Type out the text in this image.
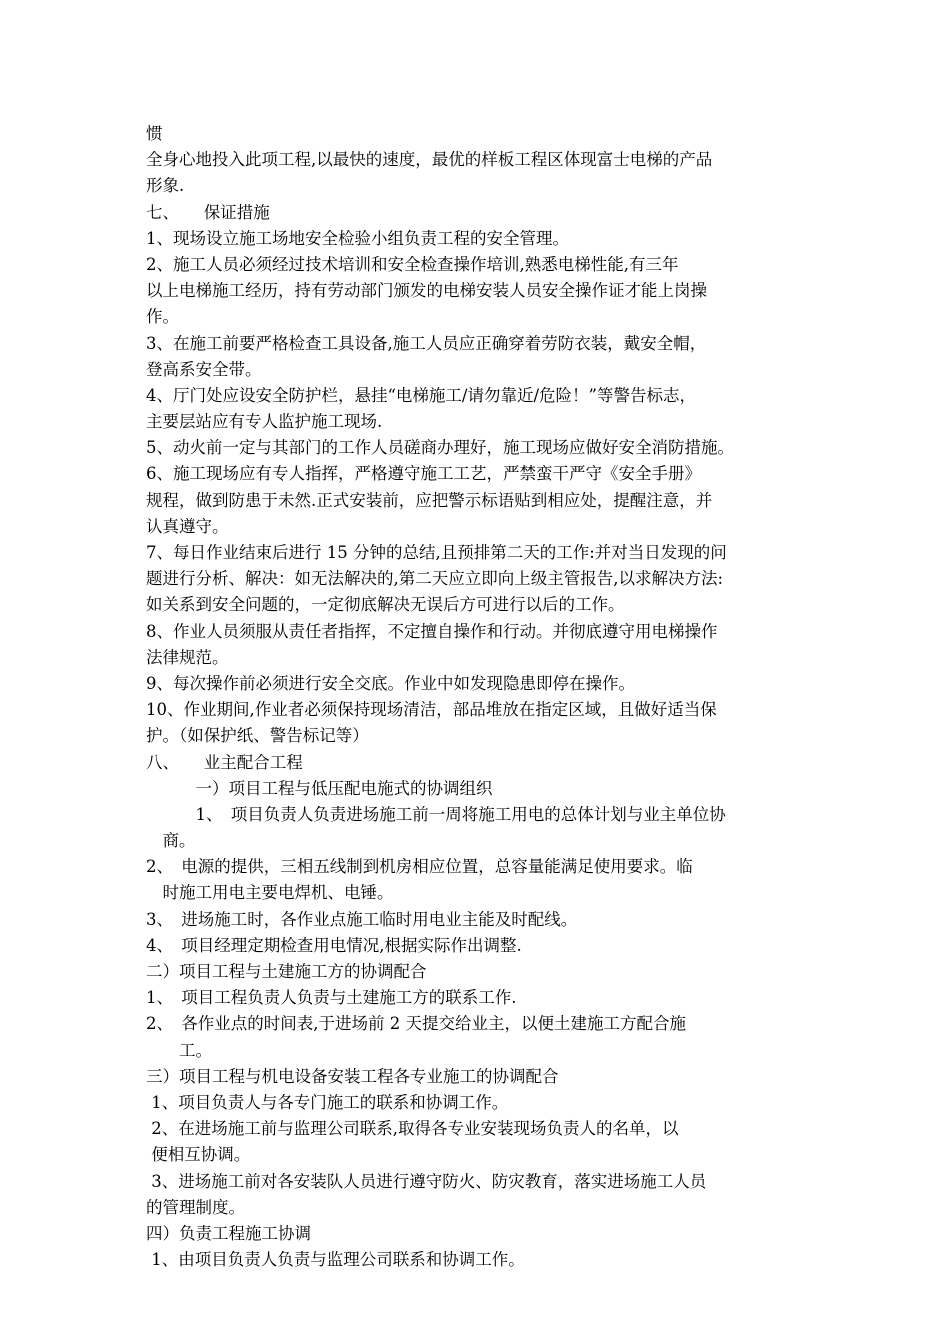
惯
全身心地投入此项工程,以最快的速度，最优的样板工程区体现富士电梯的产品
形象.
七、　　保证措施
1、现场设立施工场地安全检验小组负责工程的安全管理。
2、施工人员必须经过技术培训和安全检查操作培训,熟悉电梯性能,有三年
以上电梯施工经历，持有劳动部门颁发的电梯安装人员安全操作证才能上岗操
作。
3、在施工前要严格检查工具设备,施工人员应正确穿着劳防衣装，戴安全帽，
登高系安全带。
4、厅门处应设安全防护栏，悬挂“电梯施工/请勿靠近/危险！”等警告标志，
主要层站应有专人监护施工现场.
5、动火前一定与其部门的工作人员磋商办理好，施工现场应做好安全消防措施。
6、施工现场应有专人指挥，严格遵守施工工艺，严禁蛮干严守《安全手册》
规程，做到防患于未然.正式安装前，应把警示标语贴到相应处，提醒注意，并
认真遵守。
7、每日作业结束后进行 15 分钟的总结,且预排第二天的工作:并对当日发现的问
题进行分析、解决：如无法解决的,第二天应立即向上级主管报告,以求解决方法:
如关系到安全问题的，一定彻底解决无误后方可进行以后的工作。
8、作业人员须服从责任者指挥，不定擅自操作和行动。并彻底遵守用电梯操作
法律规范。
9、每次操作前必须进行安全交底。作业中如发现隐患即停在操作。
10、作业期间,作业者必须保持现场清洁，部品堆放在指定区域，且做好适当保
护。（如保护纸、警告标记等）
八、　　业主配合工程
　　　一）项目工程与低压配电施式的协调组织
　　　1、　项目负责人负责进场施工前一周将施工用电的总体计划与业主单位协
　商。
2、　电源的提供，三相五线制到机房相应位置，总容量能满足使用要求。临
　时施工用电主要电焊机、电锤。
3、　进场施工时，各作业点施工临时用电业主能及时配线。
4、　项目经理定期检查用电情况,根据实际作出调整.
二）项目工程与土建施工方的协调配合
1、　项目工程负责人负责与土建施工方的联系工作.
2、　各作业点的时间表,于进场前 2 天提交给业主，以便土建施工方配合施
　　工。
三）项目工程与机电设备安装工程各专业施工的协调配合
1、项目负责人与各专门施工的联系和协调工作。
2、在进场施工前与监理公司联系,取得各专业安装现场负责人的名单，以
便相互协调。
3、进场施工前对各安装队人员进行遵守防火、防灾教育，落实进场施工人员
的管理制度。
四）负责工程施工协调
1、由项目负责人负责与监理公司联系和协调工作。
